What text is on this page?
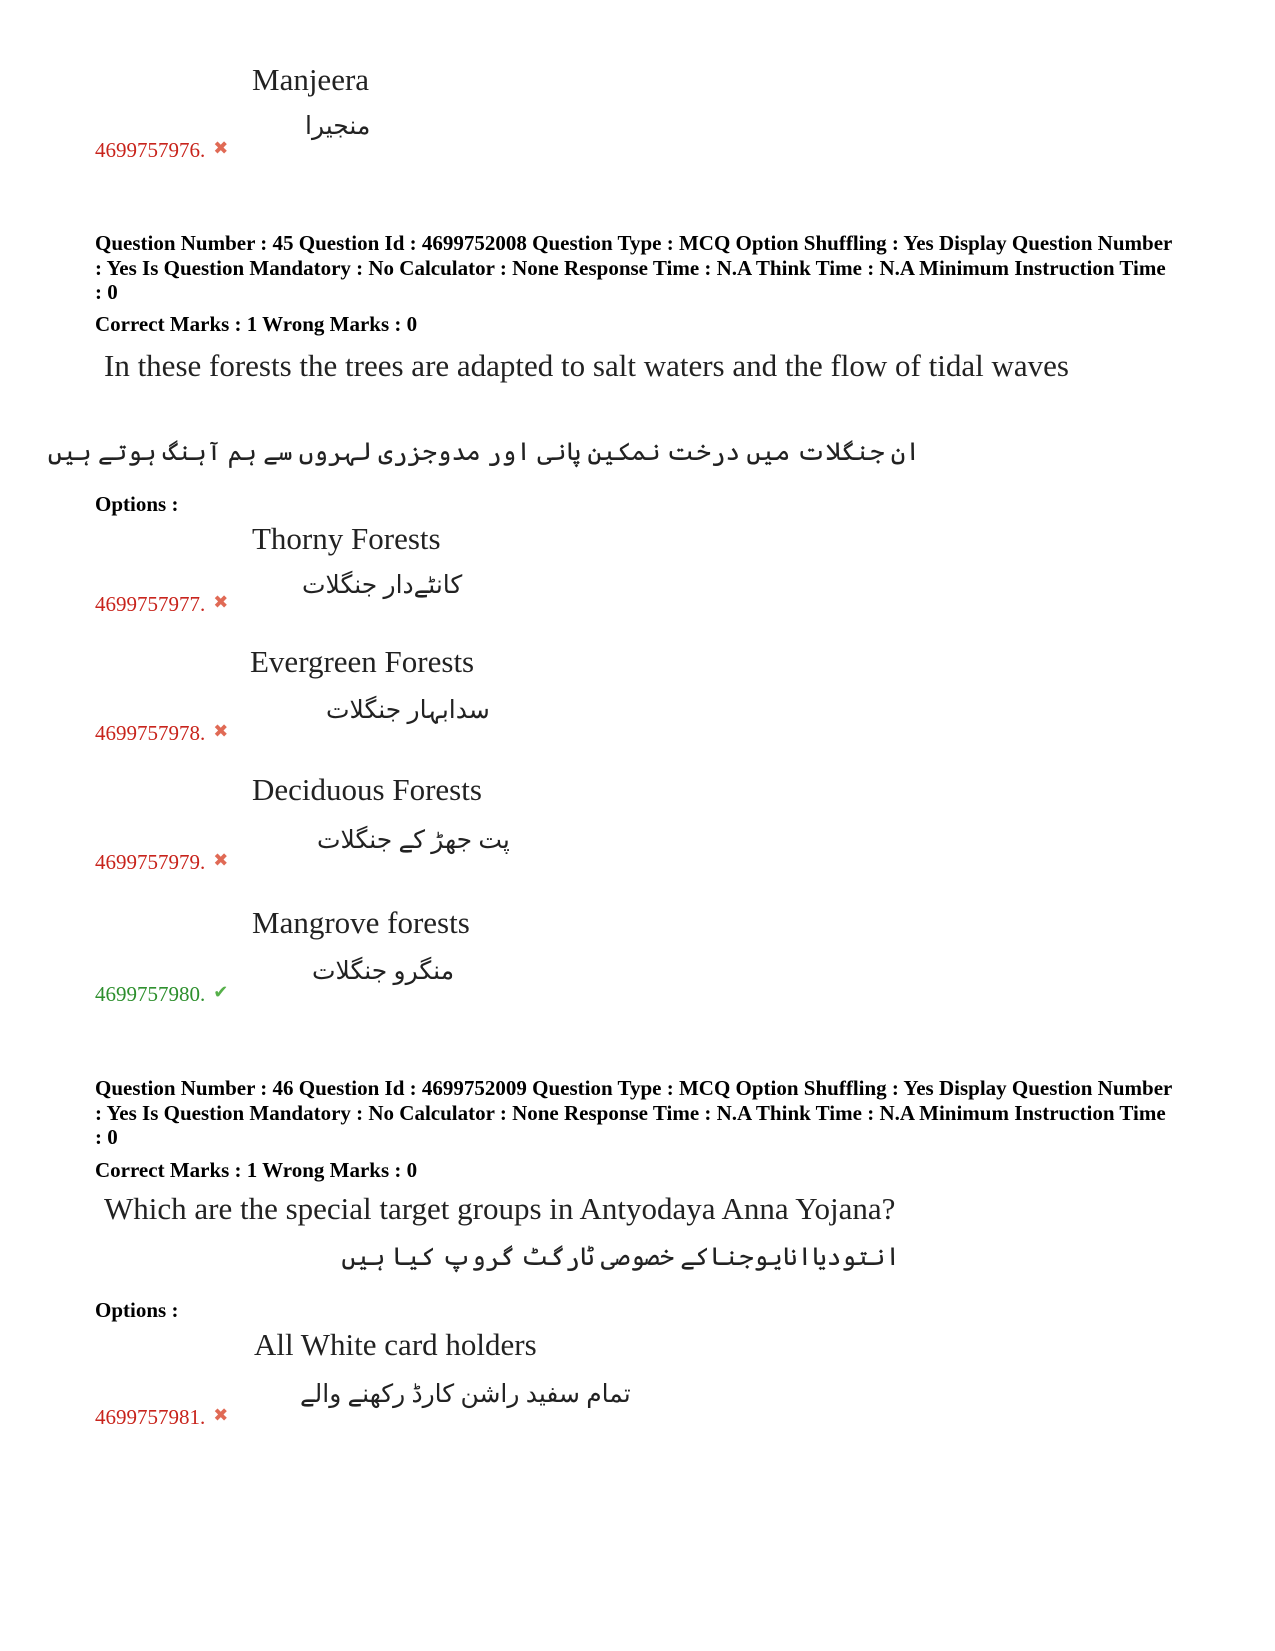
Manjeera
منجیرا
4699757976. ✖
Question Number : 45 Question Id : 4699752008 Question Type : MCQ Option Shuffling : Yes Display Question Number : Yes Is Question Mandatory : No Calculator : None Response Time : N.A Think Time : N.A Minimum Instruction Time : 0
Correct Marks : 1 Wrong Marks : 0
In these forests the trees are adapted to salt waters and the flow of tidal waves
ان جنگلات میں درخت نمکین پانی اور مدوجزری لہروں سے ہم آہنگ ہوتے ہیں
Options :
Thorny Forests
کانٹےدار جنگلات
4699757977. ✖
Evergreen Forests
سدابہار جنگلات
4699757978. ✖
Deciduous Forests
پت جھڑ کے جنگلات
4699757979. ✖
Mangrove forests
منگرو جنگلات
4699757980. ✔
Question Number : 46 Question Id : 4699752009 Question Type : MCQ Option Shuffling : Yes Display Question Number : Yes Is Question Mandatory : No Calculator : None Response Time : N.A Think Time : N.A Minimum Instruction Time : 0
Correct Marks : 1 Wrong Marks : 0
Which are the special target groups in Antyodaya Anna Yojana?
انتودیاانایوجناکے خصوصی ٹارگٹ گروپ کیا ہیں
Options :
All White card holders
تمام سفید راشن کارڈ رکھنے والے
4699757981. ✖
